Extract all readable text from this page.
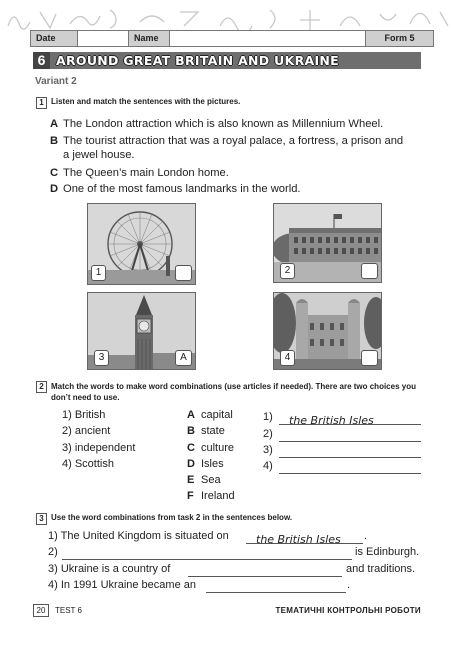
Date	Name	Form 5
6 AROUND GREAT BRITAIN AND UKRAINE
Variant 2
1 Listen and match the sentences with the pictures.
A The London attraction which is also known as Millennium Wheel.
B The tourist attraction that was a royal palace, a fortress, a prison and
a jewel house.
C The Queen’s main London home.
D One of the most famous landmarks in the world.
1	2
3	A	4
2 Match the words to make word combinations (use articles if needed). There are two choices you don’t need to use.
1) British
2) ancient
3) independent
4) Scottish
A capital
B state
C culture
D Isles
E Sea
F Ireland
1)	the British Isles
2)
3)
4)
3 Use the word combinations from task 2 in the sentences below.
1) The United Kingdom is situated on	the British Isles	.
2)	is Edinburgh.
3) Ukraine is a country of	and traditions.
4) In 1991 Ukraine became an	.
20	TEST 6	ТЕМАТИЧНІ КОНТРОЛЬНІ РОБОТИ
